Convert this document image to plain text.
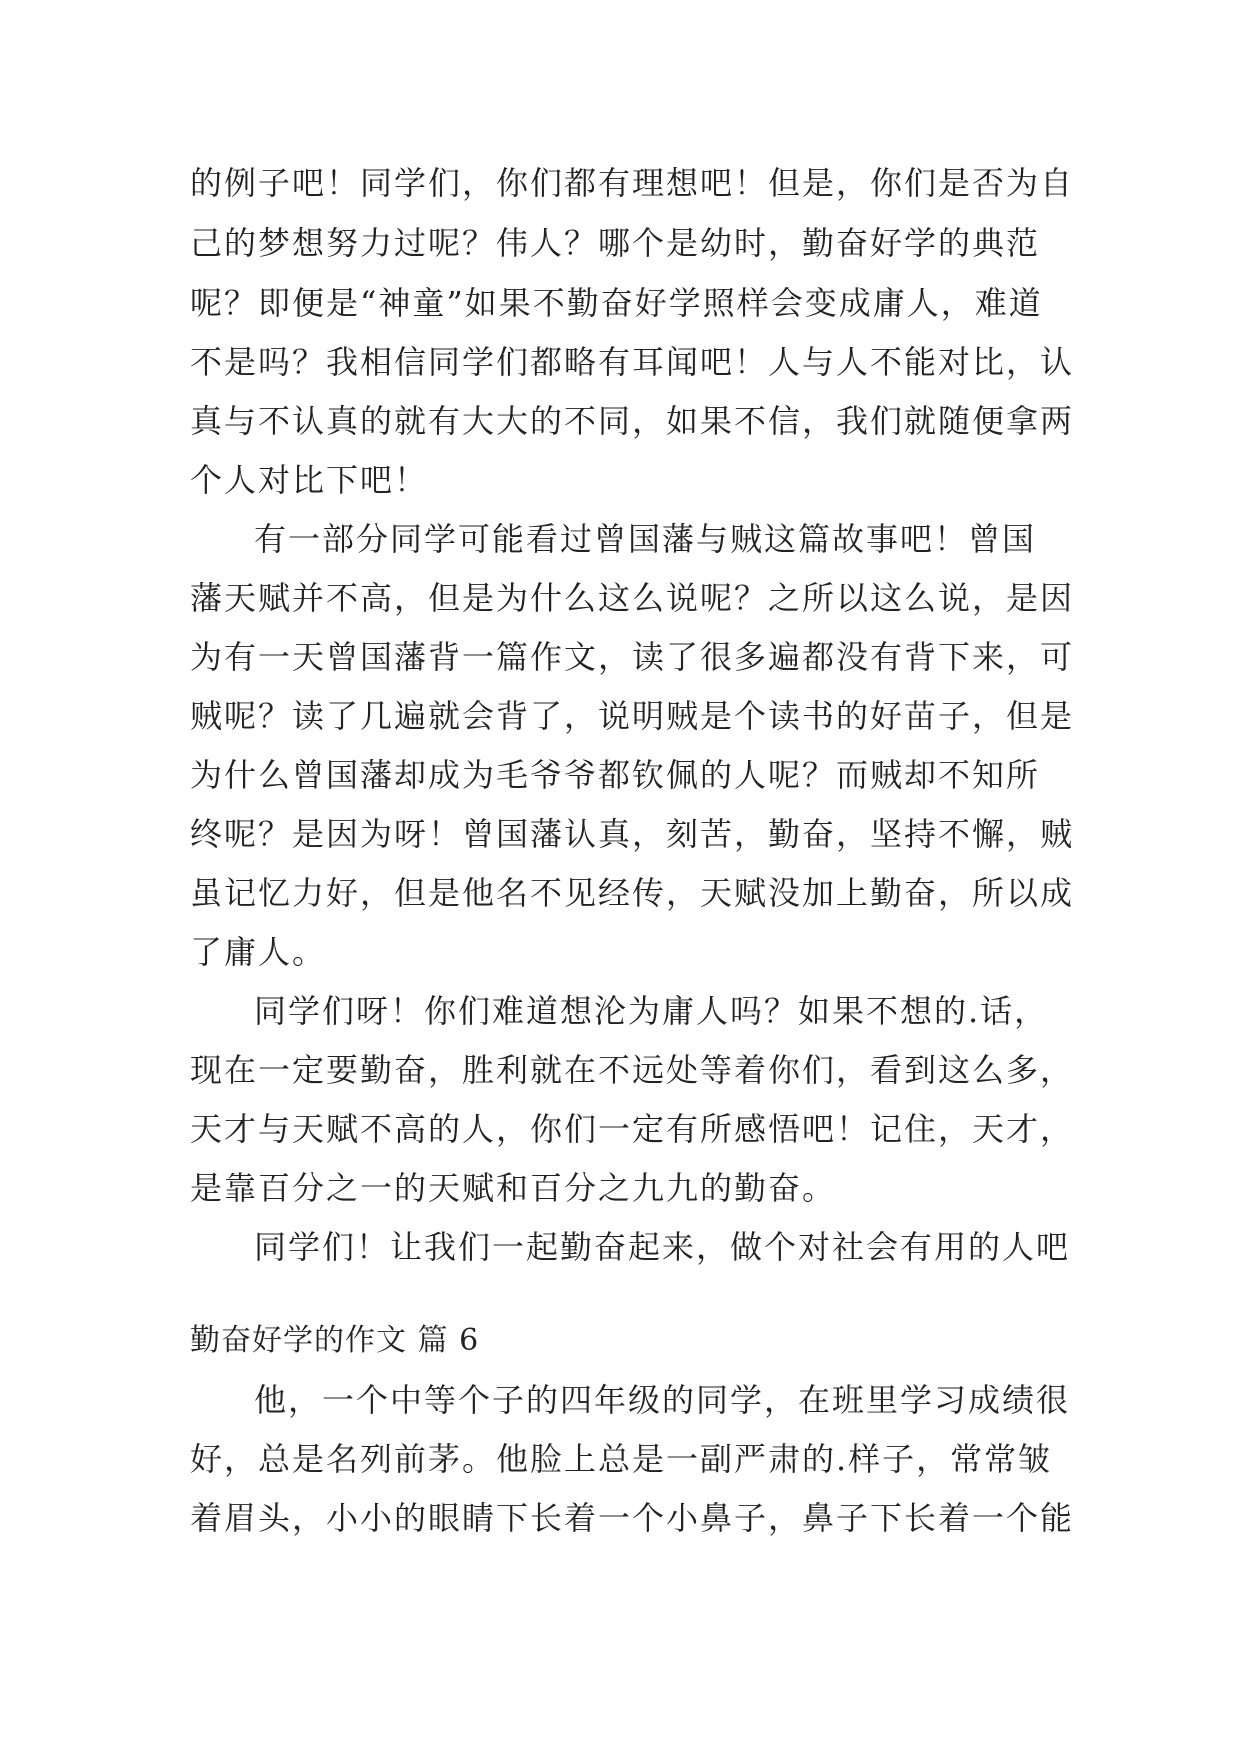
的例子吧！同学们，你们都有理想吧！但是，你们是否为自
己的梦想努力过呢？伟人？哪个是幼时，勤奋好学的典范
呢？即便是“神童”如果不勤奋好学照样会变成庸人，难道
不是吗？我相信同学们都略有耳闻吧！人与人不能对比，认
真与不认真的就有大大的不同，如果不信，我们就随便拿两
个人对比下吧！
有一部分同学可能看过曾国藩与贼这篇故事吧！曾国
藩天赋并不高，但是为什么这么说呢？之所以这么说，是因
为有一天曾国藩背一篇作文，读了很多遍都没有背下来，可
贼呢？读了几遍就会背了，说明贼是个读书的好苗子，但是
为什么曾国藩却成为毛爷爷都钦佩的人呢？而贼却不知所
终呢？是因为呀！曾国藩认真，刻苦，勤奋，坚持不懈，贼
虽记忆力好，但是他名不见经传，天赋没加上勤奋，所以成
了庸人。
同学们呀！你们难道想沦为庸人吗？如果不想的.话，
现在一定要勤奋，胜利就在不远处等着你们，看到这么多，
天才与天赋不高的人，你们一定有所感悟吧！记住，天才，
是靠百分之一的天赋和百分之九九的勤奋。
同学们！让我们一起勤奋起来，做个对社会有用的人吧
勤奋好学的作文 篇 6
他，一个中等个子的四年级的同学，在班里学习成绩很
好，总是名列前茅。他脸上总是一副严肃的.样子，常常皱
着眉头，小小的眼睛下长着一个小鼻子，鼻子下长着一个能
